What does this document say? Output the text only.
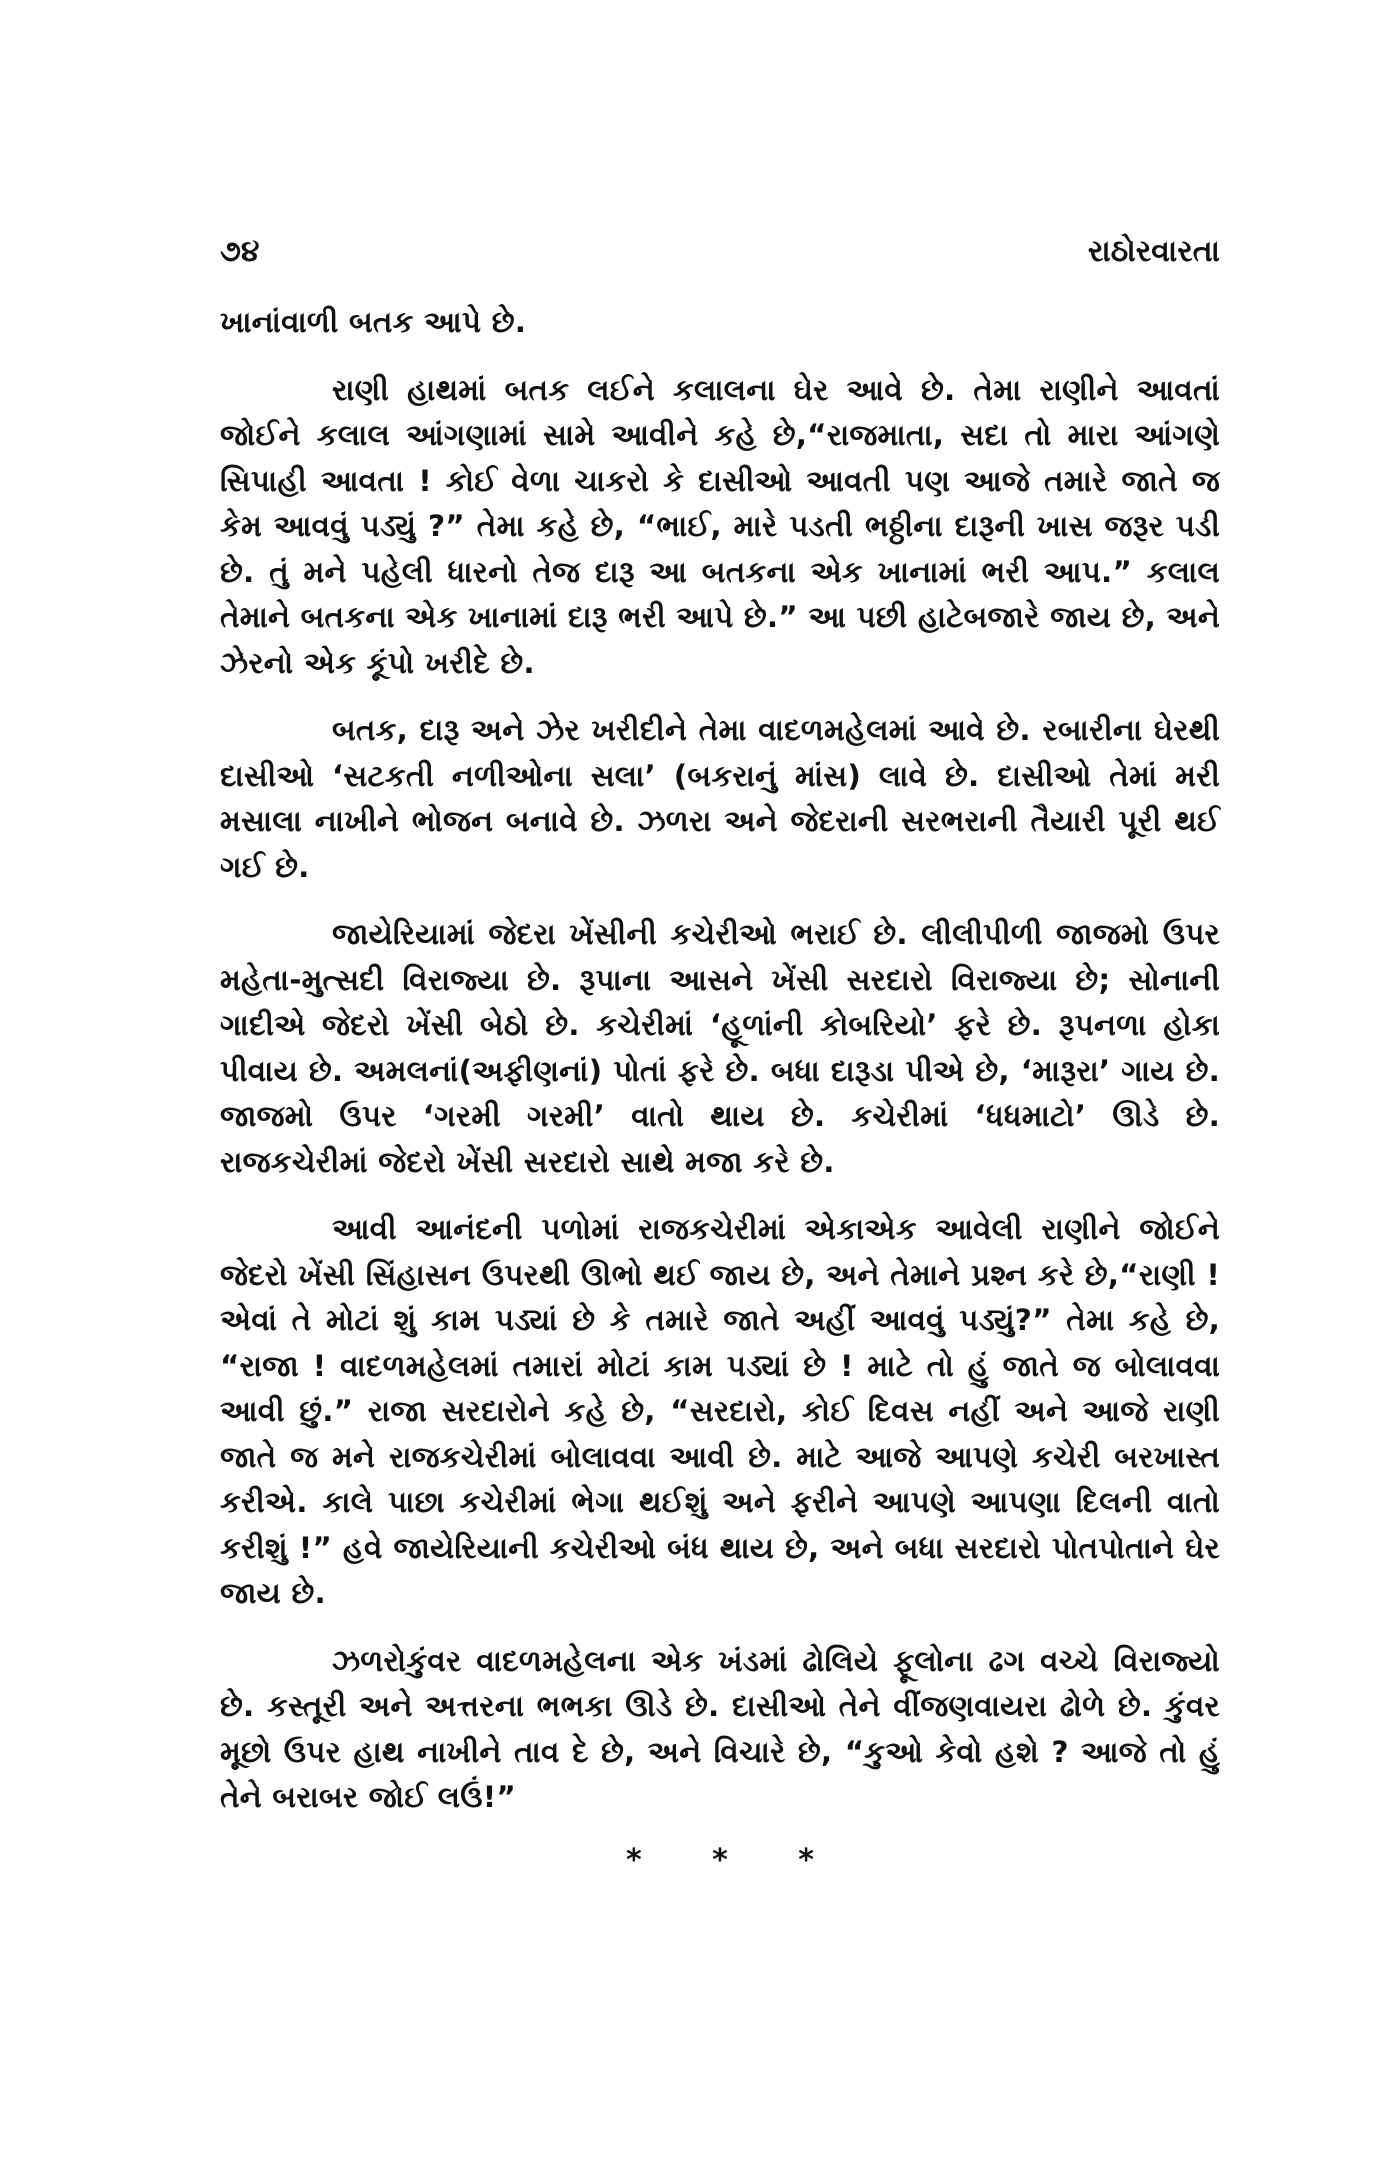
૭૪	રાઠોરવારતા

ખાનાંવાળી બતક આપે છે.

રાણી હાથમાં બતક લઈને કલાલના ઘેર આવે છે. તેમા રાણીને આવતાં જોઈને કલાલ આંગણામાં સામે આવીને કહે છે,“રાજમાતા, સદા તો મારા આંગણે સિપાહી આવતા ! કોઈ વેળા ચાકરો કે દાસીઓ આવતી પણ આજે તમારે જાતે જ કેમ આવવું પડ્યું ?” તેમા કહે છે, “ભાઈ, મારે પડતી ભઠ્ઠીના દારૂની ખાસ જરૂર પડી છે. તું મને પહેલી ધારનો તેજ દારૂ આ બતકના એક ખાનામાં ભરી આપ.” કલાલ તેમાને બતકના એક ખાનામાં દારૂ ભરી આપે છે.” આ પછી હાટેબજારે જાય છે, અને ઝેરનો એક કૂંપો ખરીદે છે.

બતક, દારૂ અને ઝેર ખરીદીને તેમા વાદળમહેલમાં આવે છે. રબારીના ઘેરથી દાસીઓ ‘સટકતી નળીઓના સલા’ (બકરાનું માંસ) લાવે છે. દાસીઓ તેમાં મરી મસાલા નાખીને ભોજન બનાવે છે. ઝળરા અને જેદરાની સરભરાની તૈયારી પૂરી થઈ ગઈ છે.

જાયેરિયામાં જેદરા ખેંસીની કચેરીઓ ભરાઈ છે. લીલીપીળી જાજમો ઉપર મહેતા-મુત્સદી વિરાજ્યા છે. રૂપાના આસને ખેંસી સરદારો વિરાજ્યા છે; સોનાની ગાદીએ જેદરો ખેંસી બેઠો છે. કચેરીમાં ‘હૂળાંની કોબરિયો’ ફરે છે. રૂપનળા હોકા પીવાય છે. અમલનાં(અફીણનાં) પોતાં ફરે છે. બધા દારૂડા પીએ છે, ‘મારૂરા’ ગાય છે. જાજમો ઉપર ‘ગરમી ગરમી’ વાતો થાય છે. કચેરીમાં ‘ધધમાટો’ ઊડે છે. રાજકચેરીમાં જેદરો ખેંસી સરદારો સાથે મજા કરે છે.

આવી આનંદની પળોમાં રાજકચેરીમાં એકાએક આવેલી રાણીને જોઈને જેદરો ખેંસી સિંહાસન ઉપરથી ઊભો થઈ જાય છે, અને તેમાને પ્રશ્ન કરે છે,“રાણી ! એવાં તે મોટાં શું કામ પડ્યાં છે કે તમારે જાતે અહીં આવવું પડ્યું?” તેમા કહે છે, “રાજા ! વાદળમહેલમાં તમારાં મોટાં કામ પડ્યાં છે ! માટે તો હું જાતે જ બોલાવવા આવી છું.” રાજા સરદારોને કહે છે, “સરદારો, કોઈ દિવસ નહીં અને આજે રાણી જાતે જ મને રાજકચેરીમાં બોલાવવા આવી છે. માટે આજે આપણે કચેરી બરખાસ્ત કરીએ. કાલે પાછા કચેરીમાં ભેગા થઈશું અને ફરીને આપણે આપણા દિલની વાતો કરીશું !” હવે જાયેરિયાની કચેરીઓ બંધ થાય છે, અને બધા સરદારો પોતપોતાને ઘેર જાય છે.

ઝળરોકુંવર વાદળમહેલના એક ખંડમાં ઢોલિયે ફૂલોના ઢગ વચ્ચે વિરાજ્યો છે. કસ્તૂરી અને અત્તરના ભભકા ઊડે છે. દાસીઓ તેને વીંજણવાયરા ઢોળે છે. કુંવર મૂછો ઉપર હાથ નાખીને તાવ દે છે, અને વિચારે છે, “કુઓ કેવો હશે ? આજે તો હું તેને બરાબર જોઈ લઉં!”

* * *
